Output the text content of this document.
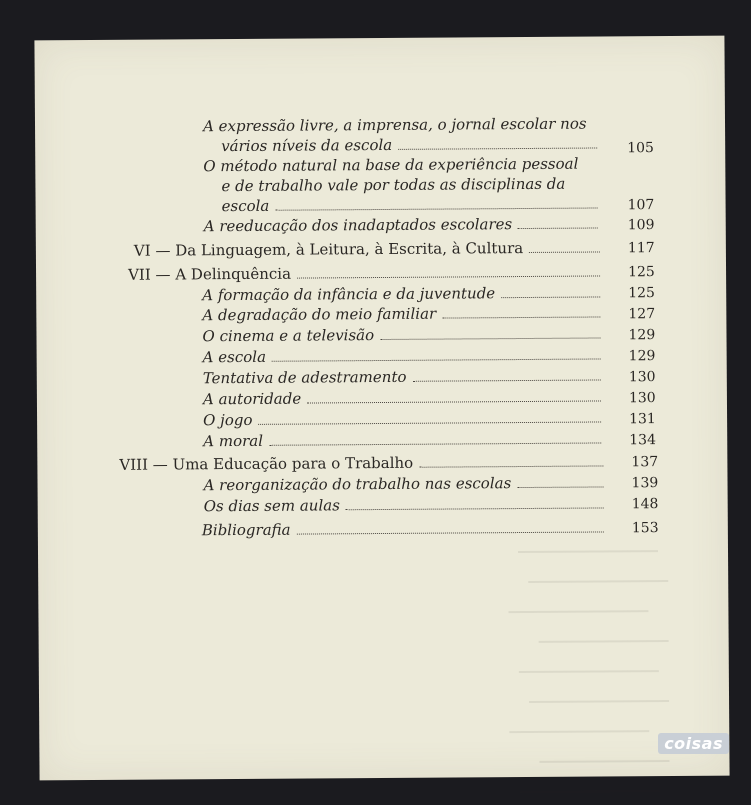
A expressão livre, a imprensa, o jornal escolar nos
vários níveis da escola	105
O método natural na base da experiência pessoal
e de trabalho vale por todas as disciplinas da
escola	107
A reeducação dos inadaptados escolares	109
VI — Da Linguagem, à Leitura, à Escrita, à Cultura	117
VII — A Delinquência	125
A formação da infância e da juventude	125
A degradação do meio familiar	127
O cinema e a televisão	129
A escola	129
Tentativa de adestramento	130
A autoridade	130
O jogo	131
A moral	134
VIII — Uma Educação para o Trabalho	137
A reorganização do trabalho nas escolas	139
Os dias sem aulas	148
Bibliografia	153
coisas
